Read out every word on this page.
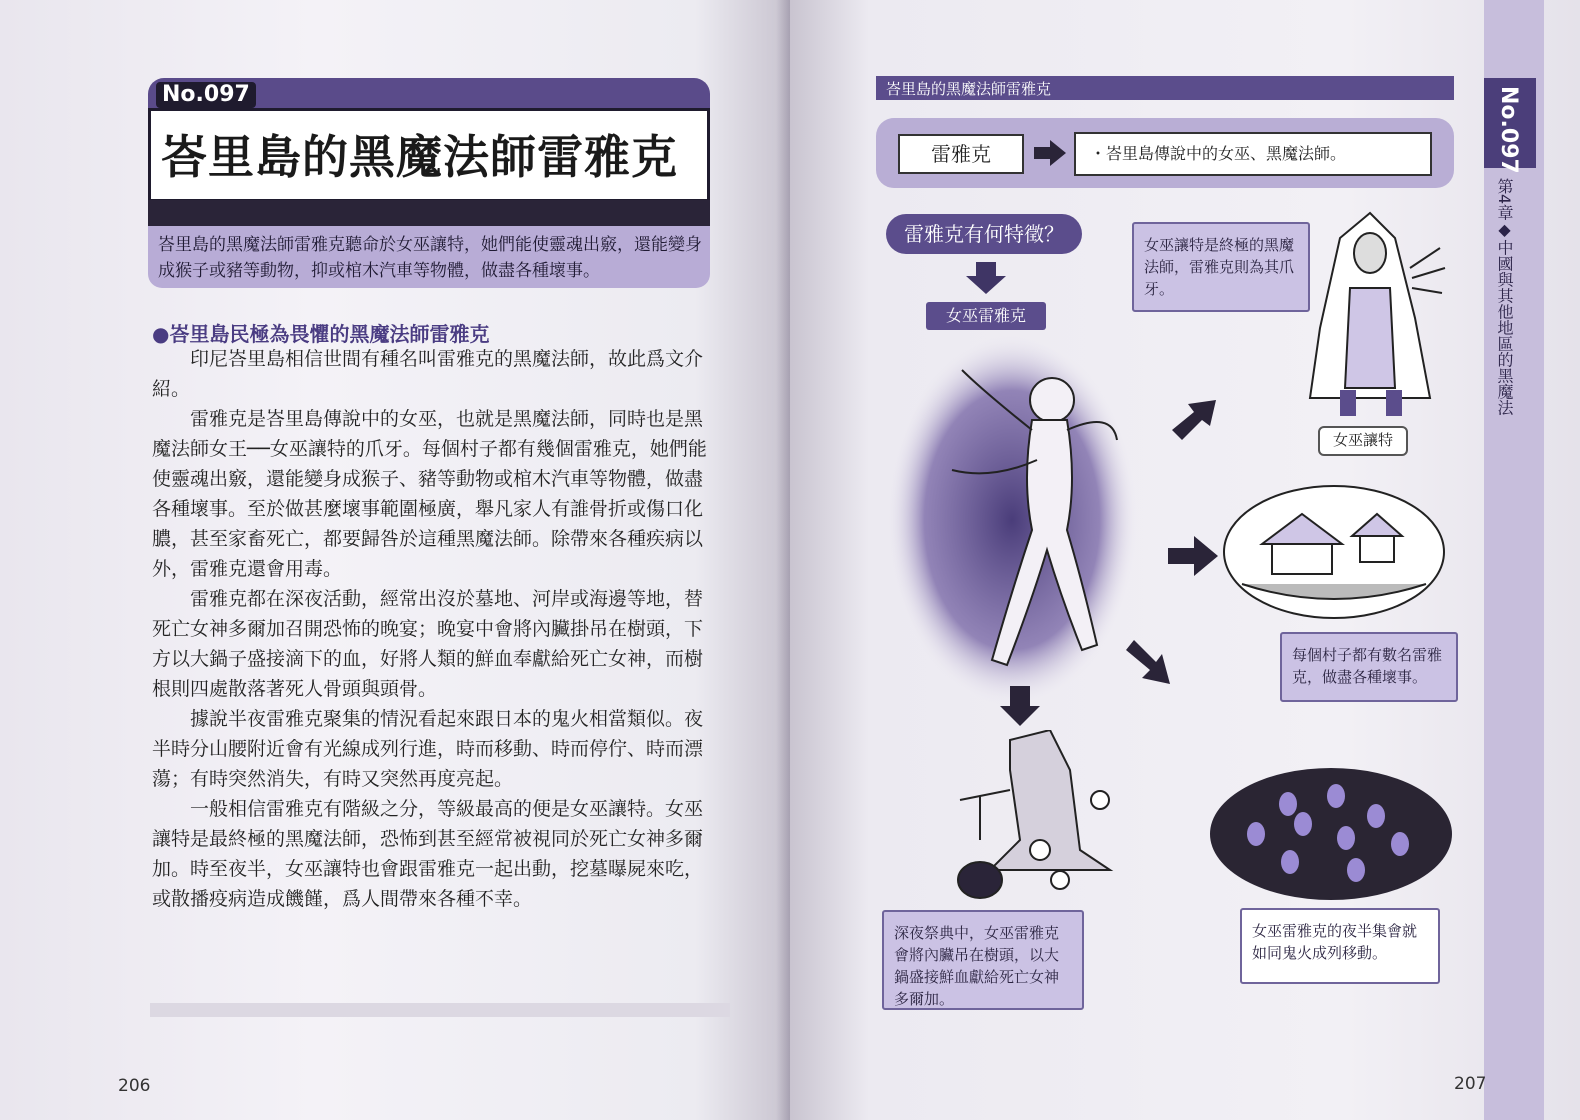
No.097
峇里島的黑魔法師雷雅克
峇里島的黑魔法師雷雅克聽命於女巫讓特，她們能使靈魂出竅，還能變身成猴子或豬等動物，抑或棺木汽車等物體，做盡各種壞事。
●峇里島民極為畏懼的黑魔法師雷雅克

印尼峇里島相信世間有種名叫雷雅克的黑魔法師，故此爲文介紹。

雷雅克是峇里島傳說中的女巫，也就是黑魔法師，同時也是黑魔法師女王──女巫讓特的爪牙。每個村子都有幾個雷雅克，她們能使靈魂出竅，還能變身成猴子、豬等動物或棺木汽車等物體，做盡各種壞事。至於做甚麼壞事範圍極廣，舉凡家人有誰骨折或傷口化膿，甚至家畜死亡，都要歸咎於這種黑魔法師。除帶來各種疾病以外，雷雅克還會用毒。

雷雅克都在深夜活動，經常出沒於墓地、河岸或海邊等地，替死亡女神多爾加召開恐怖的晚宴；晚宴中會將內臟掛吊在樹頭，下方以大鍋子盛接滴下的血，好將人類的鮮血奉獻給死亡女神，而樹根則四處散落著死人骨頭與頭骨。

據說半夜雷雅克聚集的情況看起來跟日本的鬼火相當類似。夜半時分山腰附近會有光線成列行進，時而移動、時而停佇、時而漂蕩；有時突然消失，有時又突然再度亮起。

一般相信雷雅克有階級之分，等級最高的便是女巫讓特。女巫讓特是最終極的黑魔法師，恐怖到甚至經常被視同於死亡女神多爾加。時至夜半，女巫讓特也會跟雷雅克一起出動，挖墓曝屍來吃，或散播疫病造成饑饉，爲人間帶來各種不幸。

206
No.097
第4章◆中國與其他地區的黑魔法
峇里島的黑魔法師雷雅克
雷雅克	・峇里島傳說中的女巫、黑魔法師。
雷雅克有何特徵？
女巫雷雅克
女巫讓特是終極的黑魔法師，雷雅克則為其爪牙。
女巫讓特
每個村子都有數名雷雅克，做盡各種壞事。
深夜祭典中，女巫雷雅克會將內臟吊在樹頭，以大鍋盛接鮮血獻給死亡女神多爾加。
女巫雷雅克的夜半集會就如同鬼火成列移動。
207
